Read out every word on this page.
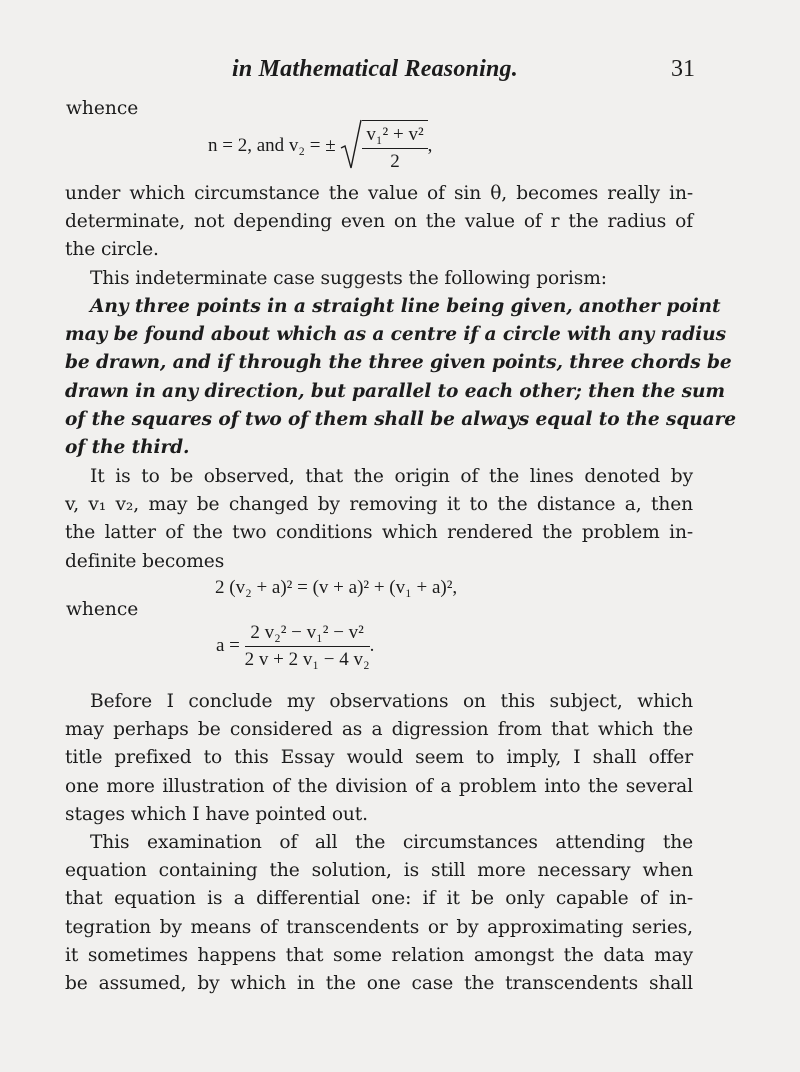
in Mathematical Reasoning.	31
whence
n = 2, and v₂ = ± $\frac{\text{v₁² + v²}}{2}$ ,
under which circumstance the value of sin θ, becomes really in-
determinate, not depending even on the value of r the radius of
the circle.
This indeterminate case suggests the following porism:
Any three points in a straight line being given, another point
may be found about which as a centre if a circle with any radius
be drawn, and if through the three given points, three chords be
drawn in any direction, but parallel to each other; then the sum
of the squares of two of them shall be always equal to the square
of the third.
It is to be observed, that the origin of the lines denoted by
v, v₁ v₂, may be changed by removing it to the distance a, then
the latter of the two conditions which rendered the problem in-
definite becomes
2 (v₂ + a)² = (v + a)² + (v₁ + a)²,
whence
$a = \frac{\text{2 v₂² − v₁² − v²}}{\text{2 v + 2 v₁ − 4 v₂}}$ .
Before I conclude my observations on this subject, which
may perhaps be considered as a digression from that which the
title prefixed to this Essay would seem to imply, I shall offer
one more illustration of the division of a problem into the several
stages which I have pointed out.
This examination of all the circumstances attending the
equation containing the solution, is still more necessary when
that equation is a differential one: if it be only capable of in-
tegration by means of transcendents or by approximating series,
it sometimes happens that some relation amongst the data may
be assumed, by which in the one case the transcendents shall
